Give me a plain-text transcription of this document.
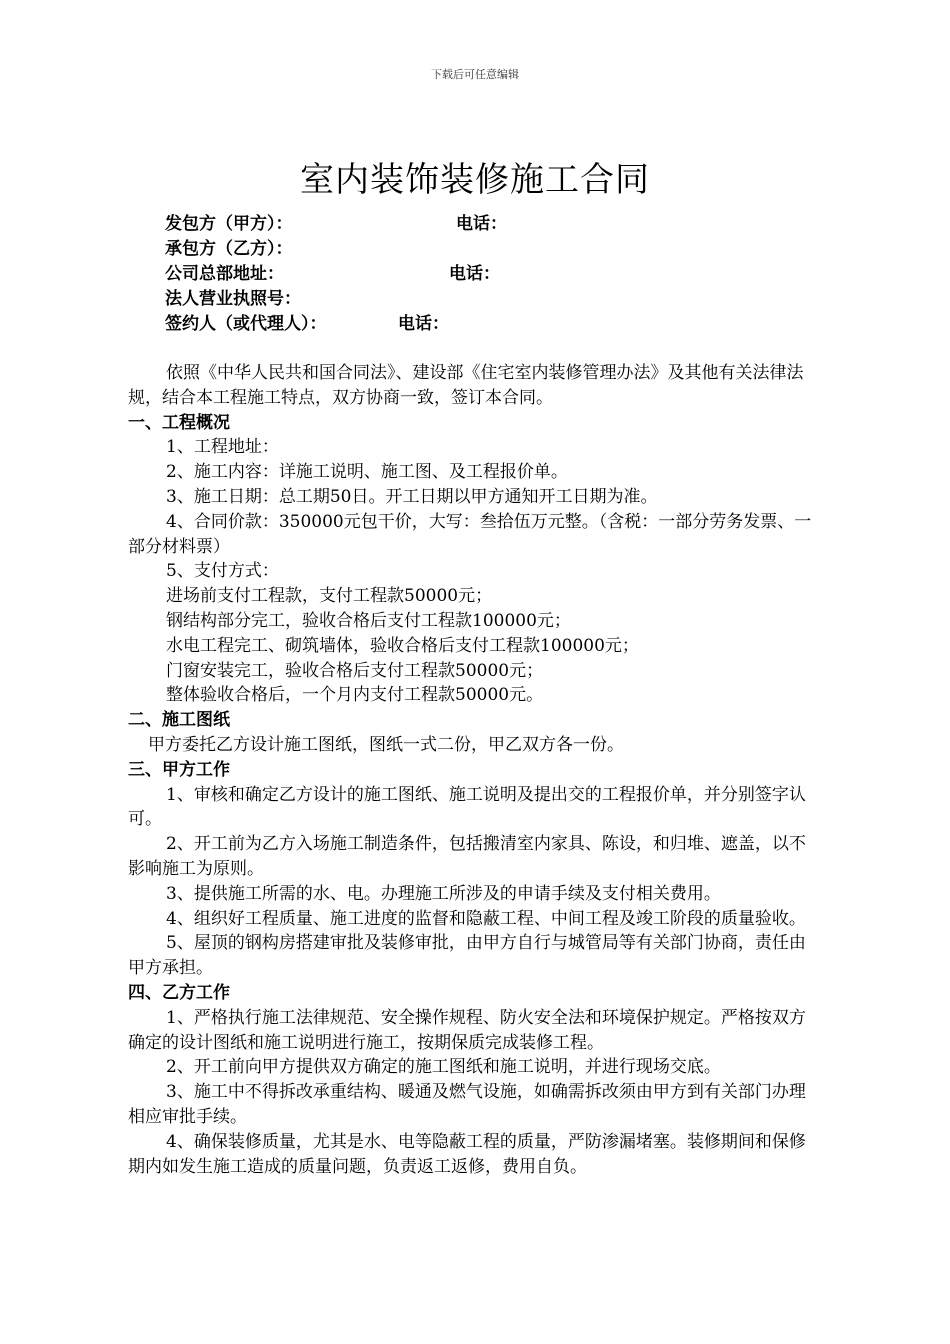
下载后可任意编辑
室内装饰装修施工合同
发包方（甲方）：	电话：
承包方（乙方）：
公司总部地址：	电话：
法人营业执照号：
签约人（或代理人）：	电话：

依照《中华人民共和国合同法》、建设部《住宅室内装修管理办法》及其他有关法律法规，结合本工程施工特点，双方协商一致，签订本合同。

一、工程概况

1、工程地址：

2、施工内容：详施工说明、施工图、及工程报价单。

3、施工日期：总工期50日。开工日期以甲方通知开工日期为准。

4、合同价款：350000元包干价，大写：叁拾伍万元整。（含税：一部分劳务发票、一部分材料票）

5、支付方式：

进场前支付工程款，支付工程款50000元；

钢结构部分完工，验收合格后支付工程款100000元；

水电工程完工、砌筑墙体，验收合格后支付工程款100000元；

门窗安装完工，验收合格后支付工程款50000元；

整体验收合格后，一个月内支付工程款50000元。

二、施工图纸

甲方委托乙方设计施工图纸，图纸一式二份，甲乙双方各一份。

三、甲方工作

1、审核和确定乙方设计的施工图纸、施工说明及提出交的工程报价单，并分别签字认可。

2、开工前为乙方入场施工制造条件，包括搬清室内家具、陈设，和归堆、遮盖，以不影响施工为原则。

3、提供施工所需的水、电。办理施工所涉及的申请手续及支付相关费用。

4、组织好工程质量、施工进度的监督和隐蔽工程、中间工程及竣工阶段的质量验收。

5、屋顶的钢构房搭建审批及装修审批，由甲方自行与城管局等有关部门协商，责任由甲方承担。

四、乙方工作

1、严格执行施工法律规范、安全操作规程、防火安全法和环境保护规定。严格按双方确定的设计图纸和施工说明进行施工，按期保质完成装修工程。

2、开工前向甲方提供双方确定的施工图纸和施工说明，并进行现场交底。

3、施工中不得拆改承重结构、暖通及燃气设施，如确需拆改须由甲方到有关部门办理相应审批手续。

4、确保装修质量，尤其是水、电等隐蔽工程的质量，严防渗漏堵塞。装修期间和保修期内如发生施工造成的质量问题，负责返工返修，费用自负。
